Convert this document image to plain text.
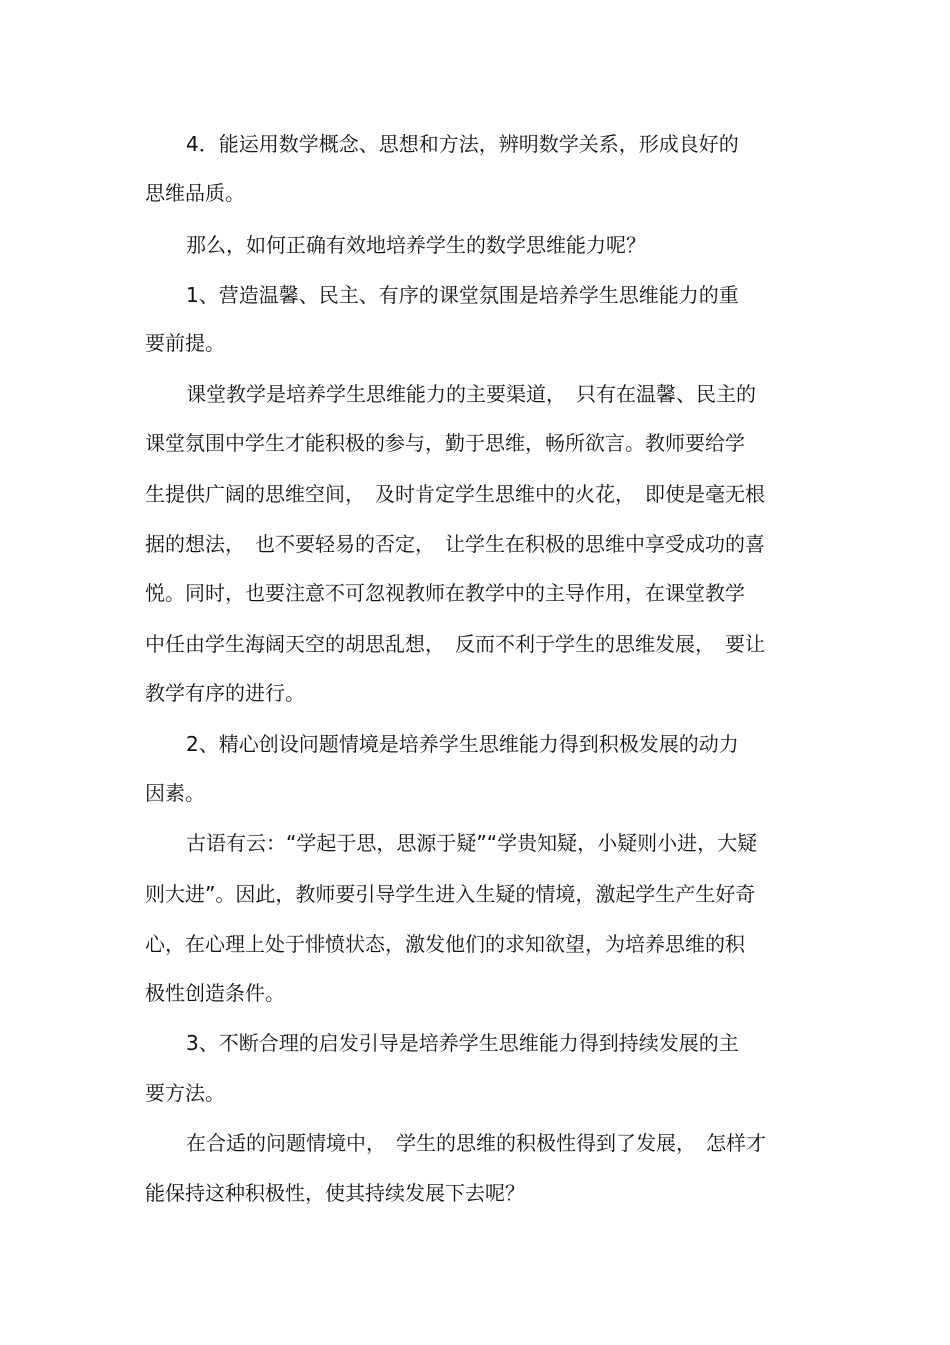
4．能运用数学概念、思想和方法，辨明数学关系，形成良好的

思维品质。

那么，如何正确有效地培养学生的数学思维能力呢？

1、营造温馨、民主、有序的课堂氛围是培养学生思维能力的重

要前提。

课堂教学是培养学生思维能力的主要渠道，　只有在温馨、民主的

课堂氛围中学生才能积极的参与，勤于思维，畅所欲言。教师要给学

生提供广阔的思维空间，　及时肯定学生思维中的火花，　即使是毫无根

据的想法，　也不要轻易的否定，　让学生在积极的思维中享受成功的喜

悦。同时，也要注意不可忽视教师在教学中的主导作用，在课堂教学

中任由学生海阔天空的胡思乱想，　反而不利于学生的思维发展，　要让

教学有序的进行。

2、精心创设问题情境是培养学生思维能力得到积极发展的动力

因素。

古语有云：“学起于思，思源于疑”“学贵知疑，小疑则小进，大疑

则大进”。因此，教师要引导学生进入生疑的情境，激起学生产生好奇

心，在心理上处于悱愤状态，激发他们的求知欲望，为培养思维的积

极性创造条件。

3、不断合理的启发引导是培养学生思维能力得到持续发展的主

要方法。

在合适的问题情境中，　学生的思维的积极性得到了发展，　怎样才

能保持这种积极性，使其持续发展下去呢？
